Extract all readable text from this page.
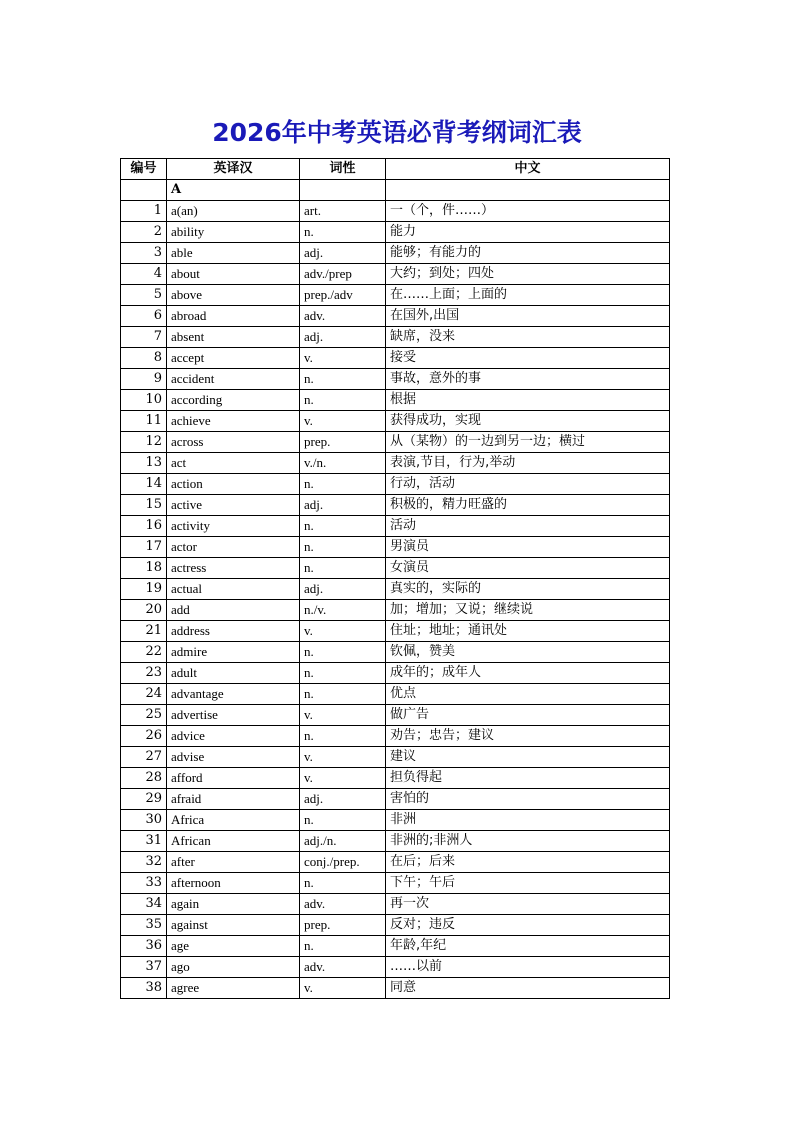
2026年中考英语必背考纲词汇表
编号	英译汉	词性	中文
	A		
1	a(an)	art.	一（个，件……）
2	ability	n.	能力
3	able	adj.	能够；有能力的
4	about	adv./prep	大约；到处；四处
5	above	prep./adv	在……上面；上面的
6	abroad	adv.	在国外,出国
7	absent	adj.	缺席，没来
8	accept	v.	接受
9	accident	n.	事故，意外的事
10	according	n.	根据
11	achieve	v.	获得成功，实现
12	across	prep.	从（某物）的一边到另一边；横过
13	act	v./n.	表演,节目，行为,举动
14	action	n.	行动，活动
15	active	adj.	积极的，精力旺盛的
16	activity	n.	活动
17	actor	n.	男演员
18	actress	n.	女演员
19	actual	adj.	真实的，实际的
20	add	n./v.	加；增加；又说；继续说
21	address	v.	住址；地址；通讯处
22	admire	n.	钦佩，赞美
23	adult	n.	成年的；成年人
24	advantage	n.	优点
25	advertise	v.	做广告
26	advice	n.	劝告；忠告；建议
27	advise	v.	建议
28	afford	v.	担负得起
29	afraid	adj.	害怕的
30	Africa	n.	非洲
31	African	adj./n.	非洲的;非洲人
32	after	conj./prep.	在后；后来
33	afternoon	n.	下午；午后
34	again	adv.	再一次
35	against	prep.	反对；违反
36	age	n.	年龄,年纪
37	ago	adv.	……以前
38	agree	v.	同意
